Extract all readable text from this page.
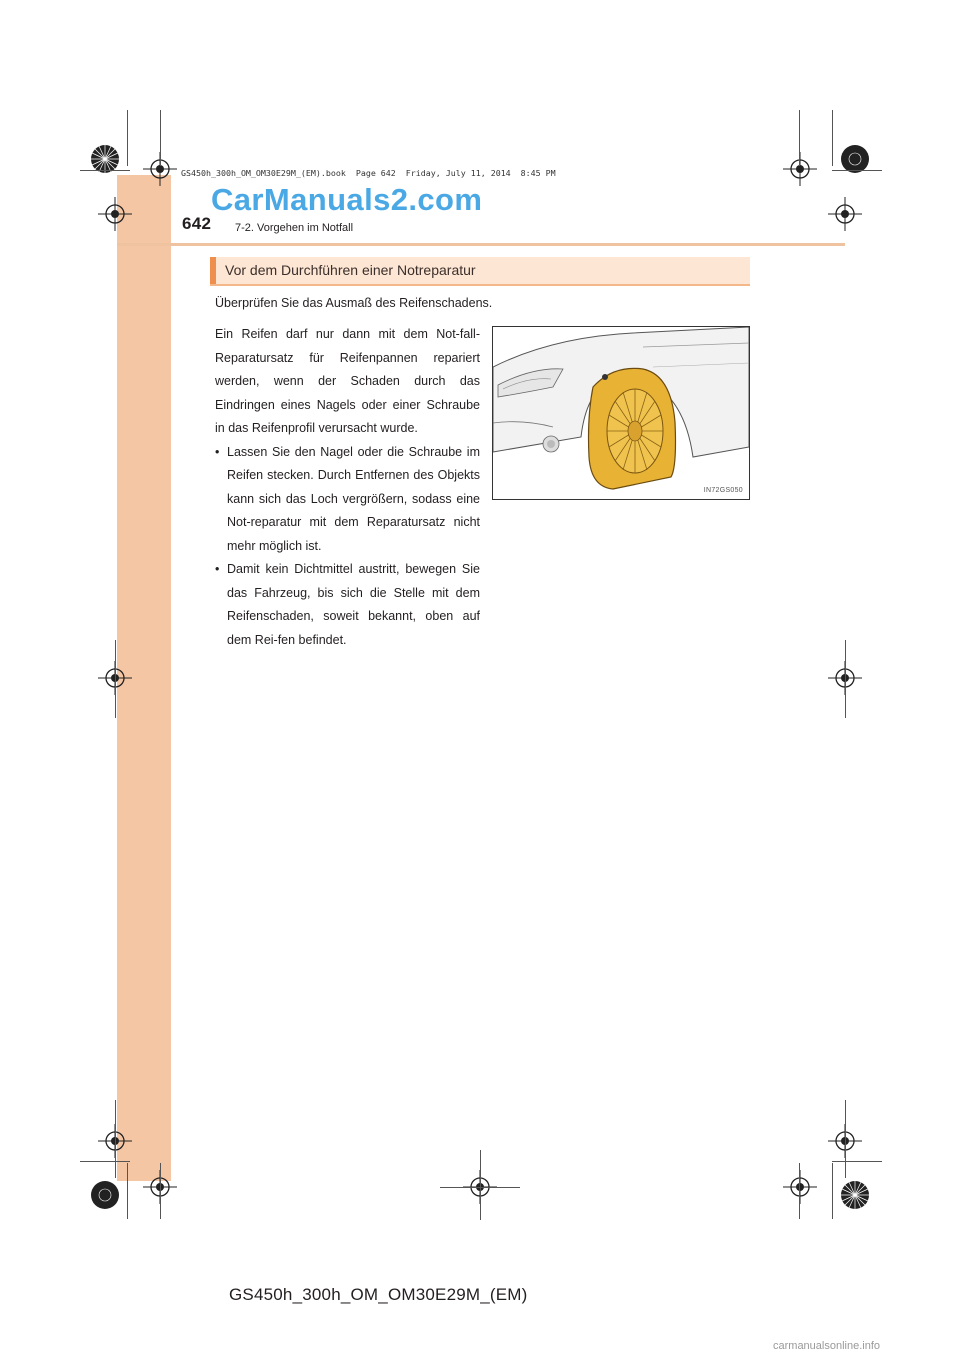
GS450h_300h_OM_OM30E29M_(EM).book  Page 642  Friday, July 11, 2014  8:45 PM
CarManuals2.com
642 7-2. Vorgehen im Notfall
Vor dem Durchführen einer Notreparatur
Überprüfen Sie das Ausmaß des Reifenschadens.

Ein Reifen darf nur dann mit dem Not-fall-Reparatursatz für Reifenpannen repariert werden, wenn der Schaden durch das Eindringen eines Nagels oder einer Schraube in das Reifenprofil verursacht wurde.

• Lassen Sie den Nagel oder die Schraube im Reifen stecken. Durch Entfernen des Objekts kann sich das Loch vergrößern, sodass eine Not-reparatur mit dem Reparatursatz nicht mehr möglich ist.
• Damit kein Dichtmittel austritt, bewegen Sie das Fahrzeug, bis sich die Stelle mit dem Reifenschaden, soweit bekannt, oben auf dem Rei-fen befindet.
IN72GS050
GS450h_300h_OM_OM30E29M_(EM)
carmanualsonline.info
